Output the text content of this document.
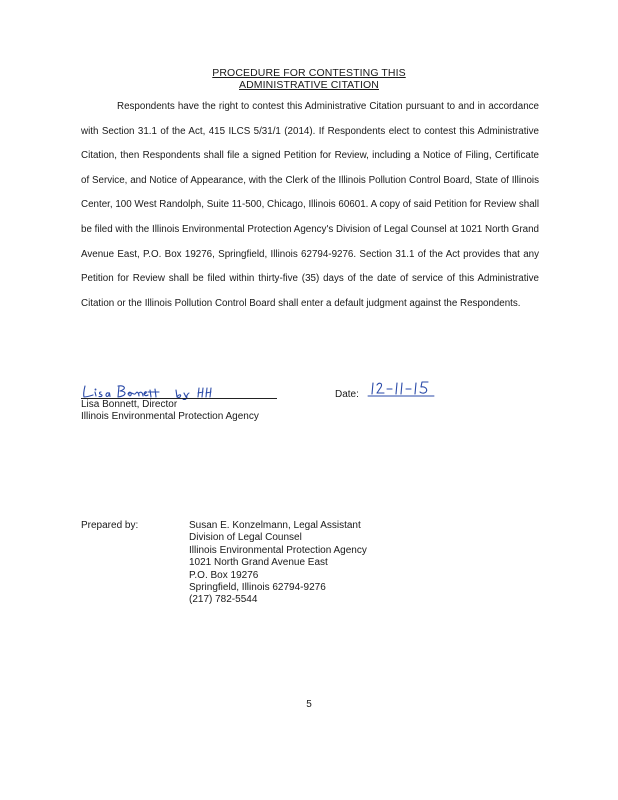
PROCEDURE FOR CONTESTING THIS
ADMINISTRATIVE CITATION

Respondents have the right to contest this Administrative Citation pursuant to and in accordance with Section 31.1 of the Act, 415 ILCS 5/31/1 (2014). If Respondents elect to contest this Administrative Citation, then Respondents shall file a signed Petition for Review, including a Notice of Filing, Certificate of Service, and Notice of Appearance, with the Clerk of the Illinois Pollution Control Board, State of Illinois Center, 100 West Randolph, Suite 11-500, Chicago, Illinois 60601. A copy of said Petition for Review shall be filed with the Illinois Environmental Protection Agency's Division of Legal Counsel at 1021 North Grand Avenue East, P.O. Box 19276, Springfield, Illinois 62794-9276. Section 31.1 of the Act provides that any Petition for Review shall be filed within thirty-five (35) days of the date of service of this Administrative Citation or the Illinois Pollution Control Board shall enter a default judgment against the Respondents.

Lisa Bonnett, Director
Illinois Environmental Protection Agency
Date:
Prepared by:	Susan E. Konzelmann, Legal Assistant
Division of Legal Counsel
Illinois Environmental Protection Agency
1021 North Grand Avenue East
P.O. Box 19276
Springfield, Illinois 62794-9276
(217) 782-5544
5
